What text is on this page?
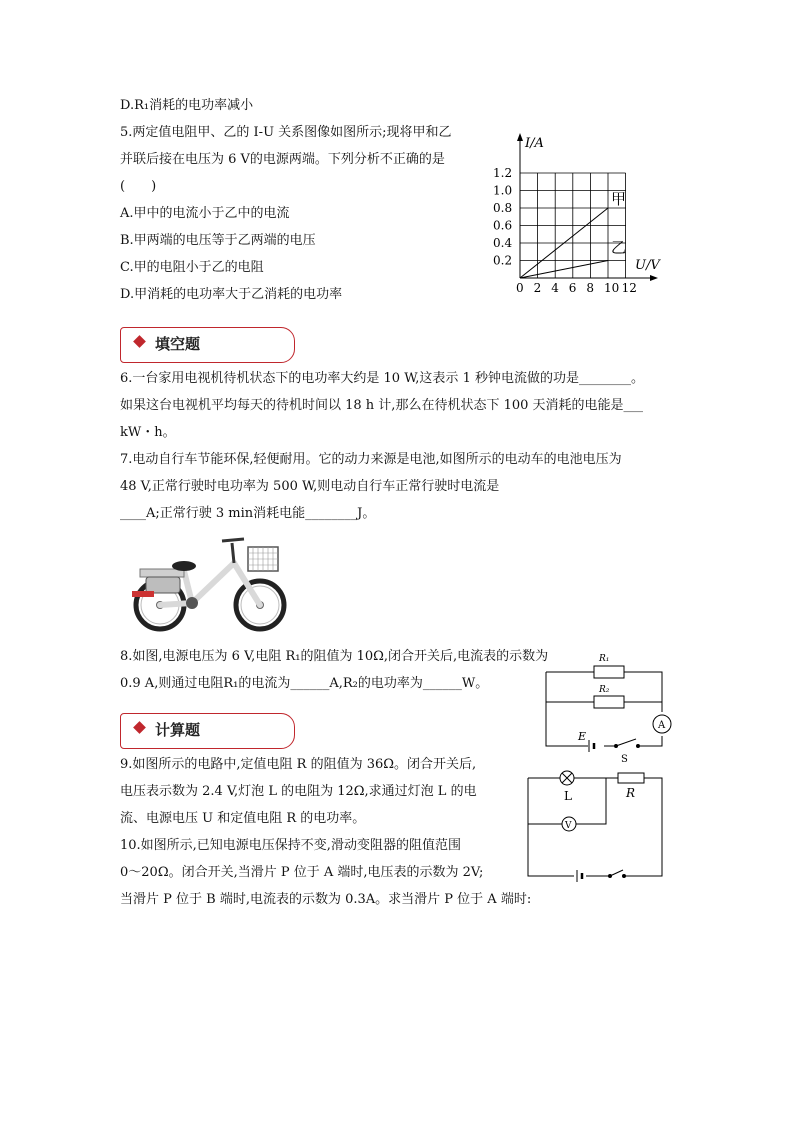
D.R₁消耗的电功率减小
5.两定值电阻甲、乙的 I-U 关系图像如图所示;现将甲和乙
并联后接在电压为 6 V的电源两端。下列分析不正确的是
(　　)
A.甲中的电流小于乙中的电流
B.甲两端的电压等于乙两端的电压
C.甲的电阻小于乙的电阻
D.甲消耗的电功率大于乙消耗的电功率
I/A
U/V
0 2 4 6 8 10 12
0.2
0.4
0.6
0.8
1.0
1.2
甲
乙
填空题
6.一台家用电视机待机状态下的电功率大约是 10 W,这表示 1 秒钟电流做的功是________。
如果这台电视机平均每天的待机时间以 18 h 计,那么在待机状态下 100 天消耗的电能是___
kW・h。
7.电动自行车节能环保,轻便耐用。它的动力来源是电池,如图所示的电动车的电池电压为
48 V,正常行驶时电功率为 500 W,则电动自行车正常行驶时电流是
____A;正常行驶 3 min消耗电能________J。
8.如图,电源电压为 6 V,电阻 R₁的阻值为 10Ω,闭合开关后,电流表的示数为
0.9 A,则通过电阻R₁的电流为______A,R₂的电功率为______W。
R₁
R₂
A
E
S
计算题
9.如图所示的电路中,定值电阻 R 的阻值为 36Ω。闭合开关后,
电压表示数为 2.4 V,灯泡 L 的电阻为 12Ω,求通过灯泡 L 的电
流、电源电压 U 和定值电阻 R 的电功率。
L	R
V
10.如图所示,已知电源电压保持不变,滑动变阻器的阻值范围
0～20Ω。闭合开关,当滑片 P 位于 A 端时,电压表的示数为 2V;
当滑片 P 位于 B 端时,电流表的示数为 0.3A。求当滑片 P 位于 A 端时:
